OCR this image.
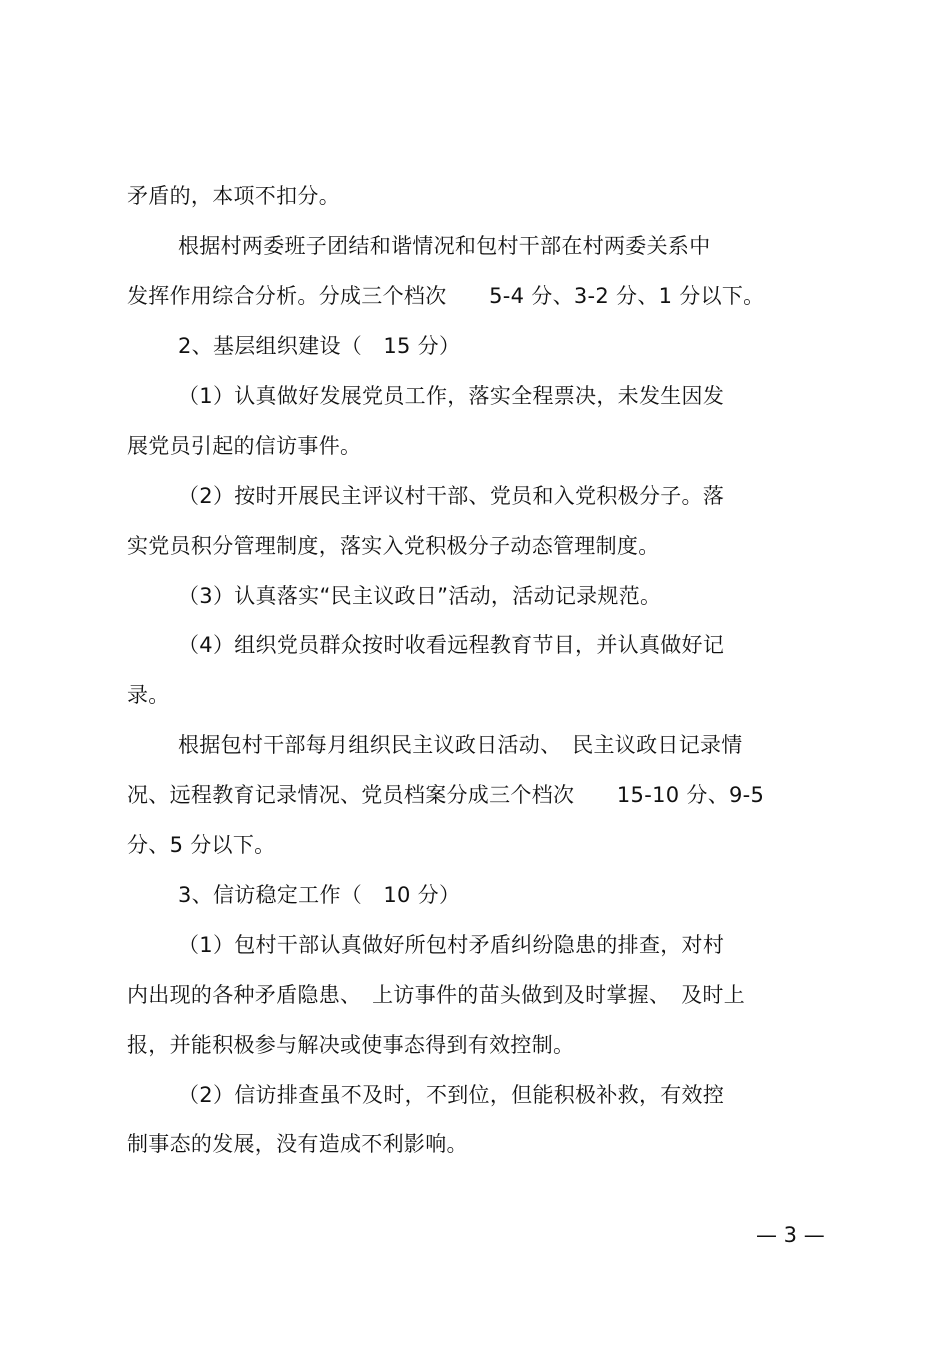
矛盾的，本项不扣分。
根据村两委班子团结和谐情况和包村干部在村两委关系中
发挥作用综合分析。分成三个档次　　5-4 分、3-2 分、1 分以下。
2、基层组织建设（　15 分）
（1）认真做好发展党员工作，落实全程票决，未发生因发
展党员引起的信访事件。
（2）按时开展民主评议村干部、党员和入党积极分子。落
实党员积分管理制度，落实入党积极分子动态管理制度。
（3）认真落实“民主议政日”活动，活动记录规范。
（4）组织党员群众按时收看远程教育节目，并认真做好记
录。
根据包村干部每月组织民主议政日活动、　民主议政日记录情
况、远程教育记录情况、党员档案分成三个档次　　15-10 分、9-5
分、5 分以下。
3、信访稳定工作（　10 分）
（1）包村干部认真做好所包村矛盾纠纷隐患的排查，对村
内出现的各种矛盾隐患、　上访事件的苗头做到及时掌握、　及时上
报，并能积极参与解决或使事态得到有效控制。
（2）信访排查虽不及时，不到位，但能积极补救，有效控
制事态的发展，没有造成不利影响。
— 3 —
